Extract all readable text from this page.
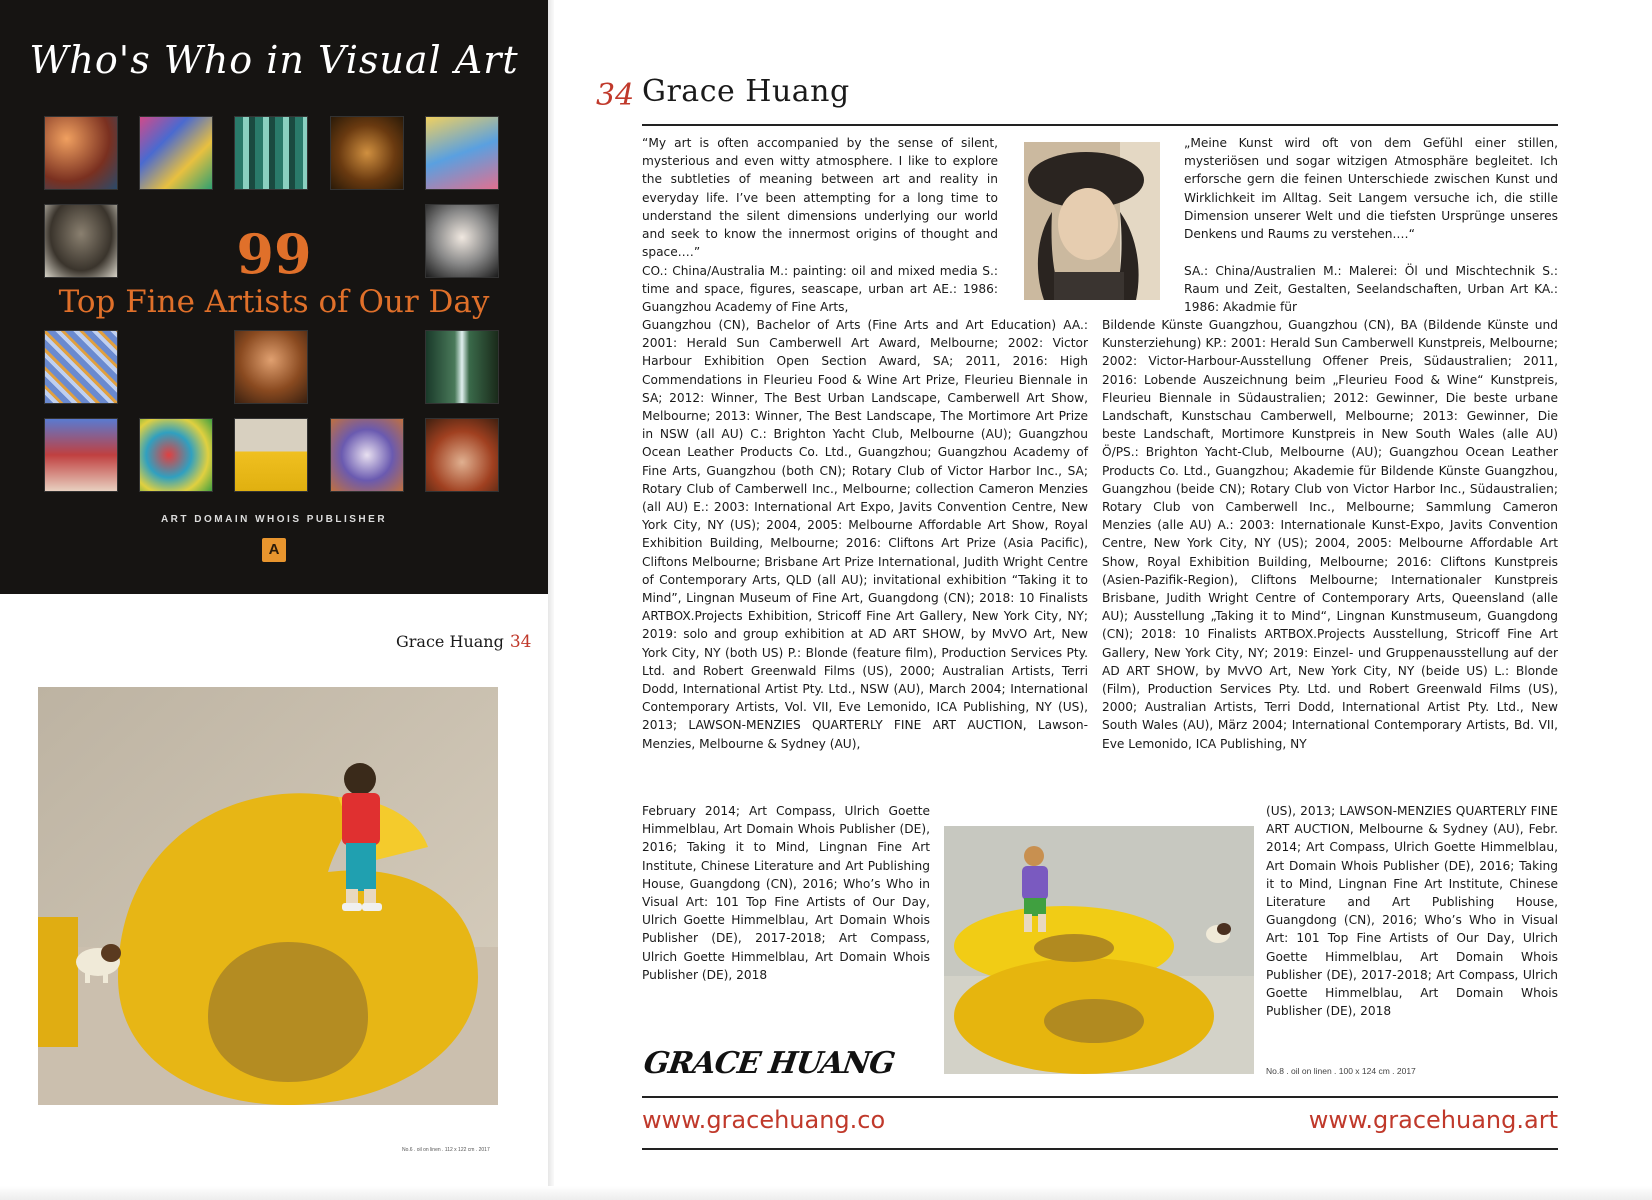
Who's Who in Visual Art
99
Top Fine Artists of Our Day
ART DOMAIN WHOIS PUBLISHER
A
Grace Huang 34
No.6 . oil on linen . 112 x 122 cm . 2017
34 Grace Huang

“My art is often accompanied by the sense of silent, mysterious and even witty atmosphere. I like to explore the subtleties of meaning between art and reality in everyday life. I’ve been attempting for a long time to understand the silent dimensions underlying our world and seek to know the innermost origins of thought and space.…”

„Meine Kunst wird oft von dem Gefühl einer stillen, mysteriösen und sogar witzigen Atmosphäre begleitet. Ich erforsche gern die feinen Unterschiede zwischen Kunst und Wirklichkeit im Alltag. Seit Langem versuche ich, die stille Dimension unserer Welt und die tiefsten Ursprünge unseres Denkens und Raums zu verstehen.…“

CO.: China/Australia M.: painting: oil and mixed media S.: time and space, figures, seascape, urban art AE.: 1986: Guangzhou Academy of Fine Arts,

Guangzhou (CN), Bachelor of Arts (Fine Arts and Art Education) AA.: 2001: Herald Sun Camberwell Art Award, Melbourne; 2002: Victor Harbour Exhibition Open Section Award, SA; 2011, 2016: High Commendations in Fleurieu Food & Wine Art Prize, Fleurieu Biennale in SA; 2012: Winner, The Best Urban Landscape, Camberwell Art Show, Melbourne; 2013: Winner, The Best Landscape, The Mortimore Art Prize in NSW (all AU) C.: Brighton Yacht Club, Melbourne (AU); Guangzhou Ocean Leather Products Co. Ltd., Guangzhou; Guangzhou Academy of Fine Arts, Guangzhou (both CN); Rotary Club of Victor Harbor Inc., SA; Rotary Club of Camberwell Inc., Melbourne; collection Cameron Menzies (all AU) E.: 2003: International Art Expo, Javits Convention Centre, New York City, NY (US); 2004, 2005: Melbourne Affordable Art Show, Royal Exhibition Building, Melbourne; 2016: Cliftons Art Prize (Asia Pacific), Cliftons Melbourne; Brisbane Art Prize International, Judith Wright Centre of Contemporary Arts, QLD (all AU); invitational exhibition “Taking it to Mind”, Lingnan Museum of Fine Art, Guangdong (CN); 2018: 10 Finalists ARTBOX.Projects Exhibition, Stricoff Fine Art Gallery, New York City, NY; 2019: solo and group exhibition at AD ART SHOW, by MvVO Art, New York City, NY (both US) P.: Blonde (feature film), Production Services Pty. Ltd. and Robert Greenwald Films (US), 2000; Australian Artists, Terri Dodd, International Artist Pty. Ltd., NSW (AU), March 2004; International Contemporary Artists, Vol. VII, Eve Lemonido, ICA Publishing, NY (US), 2013; LAWSON-MENZIES QUARTERLY FINE ART AUCTION, Lawson-Menzies, Melbourne & Sydney (AU),

February 2014; Art Compass, Ulrich Goette Himmelblau, Art Domain Whois Publisher (DE), 2016; Taking it to Mind, Lingnan Fine Art Institute, Chinese Literature and Art Publishing House, Guangdong (CN), 2016; Who’s Who in Visual Art: 101 Top Fine Artists of Our Day, Ulrich Goette Himmelblau, Art Domain Whois Publisher (DE), 2017-2018; Art Compass, Ulrich Goette Himmelblau, Art Domain Whois Publisher (DE), 2018

SA.: China/Australien M.: Malerei: Öl und Mischtechnik S.: Raum und Zeit, Gestalten, Seelandschaften, Urban Art KA.: 1986: Akadmie für

Bildende Künste Guangzhou, Guangzhou (CN), BA (Bildende Künste und Kunsterziehung) KP.: 2001: Herald Sun Camberwell Kunstpreis, Melbourne; 2002: Victor-Harbour-Ausstellung Offener Preis, Südaustralien; 2011, 2016: Lobende Auszeichnung beim „Fleurieu Food & Wine“ Kunstpreis, Fleurieu Biennale in Südaustralien; 2012: Gewinner, Die beste urbane Landschaft, Kunstschau Camberwell, Melbourne; 2013: Gewinner, Die beste Landschaft, Mortimore Kunstpreis in New South Wales (alle AU) Ö/PS.: Brighton Yacht-Club, Melbourne (AU); Guangzhou Ocean Leather Products Co. Ltd., Guangzhou; Akademie für Bildende Künste Guangzhou, Guangzhou (beide CN); Rotary Club von Victor Harbor Inc., Südaustralien; Rotary Club von Camberwell Inc., Melbourne; Sammlung Cameron Menzies (alle AU) A.: 2003: Internationale Kunst-Expo, Javits Convention Centre, New York City, NY (US); 2004, 2005: Melbourne Affordable Art Show, Royal Exhibition Building, Melbourne; 2016: Cliftons Kunstpreis (Asien-Pazifik-Region), Cliftons Melbourne; Internationaler Kunstpreis Brisbane, Judith Wright Centre of Contemporary Arts, Queensland (alle AU); Ausstellung „Taking it to Mind“, Lingnan Kunstmuseum, Guangdong (CN); 2018: 10 Finalists ARTBOX.Projects Ausstellung, Stricoff Fine Art Gallery, New York City, NY; 2019: Einzel- und Gruppenausstellung auf der AD ART SHOW, by MvVO Art, New York City, NY (beide US) L.: Blonde (Film), Production Services Pty. Ltd. und Robert Greenwald Films (US), 2000; Australian Artists, Terri Dodd, International Artist Pty. Ltd., New South Wales (AU), März 2004; International Contemporary Artists, Bd. VII, Eve Lemonido, ICA Publishing, NY

(US), 2013; LAWSON-MENZIES QUARTERLY FINE ART AUCTION, Melbourne & Sydney (AU), Febr. 2014; Art Compass, Ulrich Goette Himmelblau, Art Domain Whois Publisher (DE), 2016; Taking it to Mind, Lingnan Fine Art Institute, Chinese Literature and Art Publishing House, Guangdong (CN), 2016; Who’s Who in Visual Art: 101 Top Fine Artists of Our Day, Ulrich Goette Himmelblau, Art Domain Whois Publisher (DE), 2017-2018; Art Compass, Ulrich Goette Himmelblau, Art Domain Whois Publisher (DE), 2018

No.8 . oil on linen . 100 x 124 cm . 2017
GRACE HUANG
www.gracehuang.co	www.gracehuang.art
